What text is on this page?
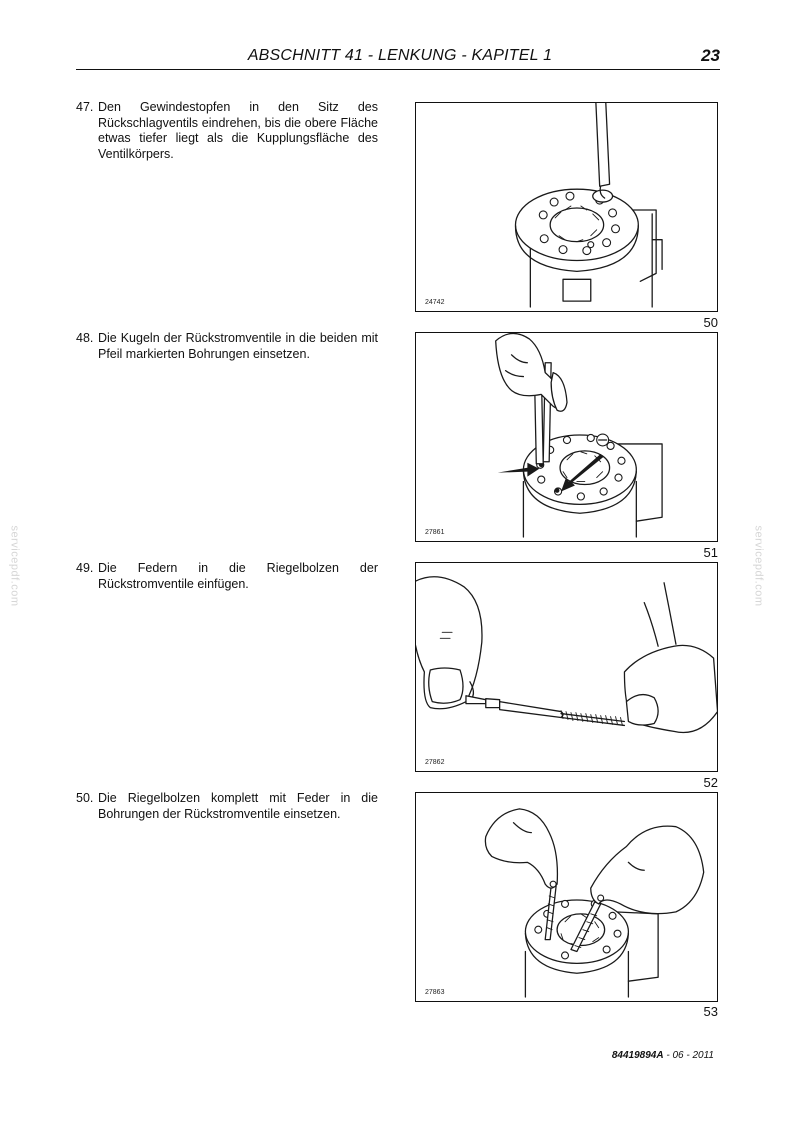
ABSCHNITT 41 - LENKUNG - KAPITEL 1	23
servicepdf.com	servicepdf.com
47. Den Gewindestopfen in den Sitz des Rückschlagventils eindrehen, bis die obere Fläche etwas tiefer liegt als die Kupplungsfläche des Ventilkörpers.
24742
50
48. Die Kugeln der Rückstromventile in die beiden mit Pfeil markierten Bohrungen einsetzen.
27861
51
49. Die Federn in die Riegelbolzen der Rückstromventile einfügen.
27862
52
50. Die Riegelbolzen komplett mit Feder in die Bohrungen der Rückstromventile einsetzen.
27863
53
84419894A - 06 - 2011
